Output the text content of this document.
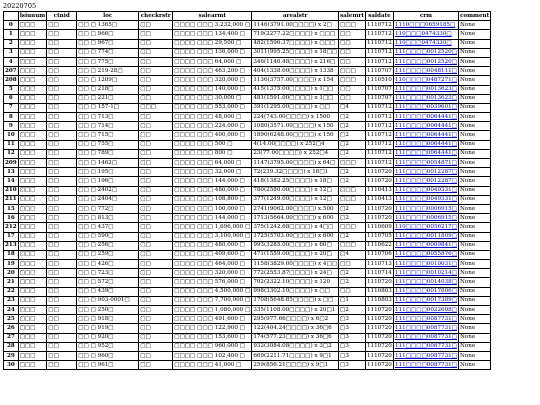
20220705
	lsiunum	ctnid	loc	checkrstr	salearmt	arealstr	salemrt	saldate	crm	comment
0	□□□	□□	□□ □ 1365□	□□	□□□□ □□□ 3,232,000 □	1146(3791.00□□□□) x 2□	□□□	1110712	1110□□□0659185□	None
1	□□□	□□	□□ □ 966□	□□	□□□□ □□□ 134,400 □	719(2277.22□□□□) x □□□	□□	1110712	110□□□0474330□	None
2	□□□	□□	□□ □ 967□	□□	□□□□ □□□ 29,500 □	482(1596.37□□□□) x □□□	□□	1110712	110□□□0474330□	None
3	□□□	□□	□□ □ 774□	□□	□□□□ □□□ 136,000 □	3011(995.25□□□□) x 18□□	□□	1110712	111□□□□0012520□	None
4	□□□	□□	□□ □ 775□	□□	□□□□ □□□ 64,000 □	346(1146.48□□□□) x 216□	□□	1110712	111□□□□0012520□	None
207	□□□	□□	□□ □ 219-28□	□□	□□□□ □□□ 463,200 □	404(1338.00□□□□) x 1338	□□□	1110707	111□□□□0048111□	None
208	□□□	□□	□□ □ 1209□	□□	□□□□ □□□ 320,000 □	1136(3757.00□□□□) x 154	□□□	1110510	110□□□□0487271□	None
5	□□□	□□	□□ □ 218□	□□	□□□□ □□□ 140,000 □	415(1375.00□□□□) x 1□□	□□	1110707	111□□□□0013623□	None
6	□□□	□□	□□ □ 221□	□□	□□□□ □□□ 30,000 □	481(1591.00□□□□) x 1□□	□□	1110707	111□□□□0013623□	None
7	□□□	□□	□□ □ 157-1□	□□□	□□□□ □□□ 553,000 □	391(1295.00□□□□) x □□	□4	1110712	111□□□□0039601□	None
8	□□□	□□	□□ □ 713□	□□	□□□□ □□□ 48,000 □	224(743.00□□□□) x 1500	□2	1110712	111□□□□0064441□	None
9	□□□	□□	□□ □ 714□	□□	□□□□ □□□ 224,000 □	1080(3571.00□□□□) x 150	□2	1110712	111□□□□0064441□	None
10	□□□	□□	□□ □ 715□	□□	□□□□ □□□ 400,000 □	1890(6248.00□□□□) x 150	□2	1110712	111□□□□0064441□	None
11	□□□	□□	□□ □ 755□	□□	□□□□ □□□ 500 □	4(14.00□□□□) x 252□4	□2	1110712	111□□□□0064441□	None
12	□□□	□□	□□ □ 789□	□□	□□□□ □□□ 800 □	23(77.00□□□□) x 252□4	□2	1110712	111□□□□0064441□	None
209	□□□	□□	□□ □ 1462□	□□	□□□□ □□□ 64,000 □	1147(3795.00□□□□) x 64□	□□□	1110712	111□□□□0054871□	None
13	□□□	□□	□□ □ 195□	□□	□□□□ □□□ 32,000 □	72(239.32□□□□) x 18□1	□2	1110720	111□□□□0012287□	None
14	□□□	□□	□□ □ 196□	□□	□□□□ □□□ 144,000 □	418(1382.25□□□□) x 18□	□2	1110720	111□□□□0012287□	None
210	□□□	□□	□□ □ 2402□	□□	□□□□ □□□ 480,000 □	780(2580.00□□□□) x 12□	□□□	1110413	111□□□□0049331□	None
211	□□□	□□	□□ □ 2404□	□□	□□□□ □□□ 108,800 □	377(1249.00□□□□) x 12□	□□□	1110413	111□□□□0049331□	None
15	□□□	□□	□□ □ 772□	□□	□□□□ □□□ 100,000 □	2741(9062.00□□□□) x 500	□2	1110720	111□□□□0006915□	None
16	□□□	□□	□□ □ 813□	□□	□□□□ □□□ 144,000 □	1713(5664.00□□□□) x 600	□2	1110720	111□□□□0006915□	None
212	□□□	□□	□□ □ 437□	□□	□□□□ □□□ 1,696,000 □	375(1242.68□□□□) x 4□□	□□□	1110609	110□□□□0056217□	None
17	□□□	□□	□□ □ 590□	□□	□□□□ □□□ 3,100,000 □	1725(5703.00□□□□) x 600	□2	1110705	111□□□□0011809□	None
213	□□□	□□	□□ □ 256□	□□	□□□□ □□□ 480,000 □	993(3285.00□□□□) x 60□	□□□	1110622	111□□□□0009841□	None
18	□□□	□□	□□ □ 259□	□□	□□□□ □□□ 409,600 □	471(1559.00□□□□) x 20□	□4	1110706	111□□□□0055876□	None
19	□□□	□□	□□ □ 426□	□□	□□□□ □□□ 464,000 □	1158(3829.00□□□□) x 4□□	□□	1110713	111□□□□0010031□	None
20	□□□	□□	□□ □ 723□	□□	□□□□ □□□ 320,000 □	772(2553.87□□□□) x 24□	□2	1110714	111□□□□0010214□	None
21	□□□	□□	□□ □ 572□	□□	□□□□ □□□ 576,000 □	702(2322.10□□□□) x 120	□2	1110720	111□□□□0014038□	None
22	□□□	□□	□□ □ 439□	□□	□□□□ □□□ 4,500,000 □	998(3302.10□□□□) x □□	□□	1110803	111□□□□0017806□	None
23	□□□	□□	□□ □ 903-0001□	□□	□□□□ □□□ 7,700,000 □	1708(5648.85□□□□) x □□	□1	1110803	111□□□□0017389□	None
24	□□□	□□	□□ □ 250□	□□	□□□□ □□□ 1,080,000 □	335(1108.00□□□□) x 20□1	□2	1110720	111□□□□0022608□	None
25	□□□	□□	□□ □ 918□	□□	□□□□ □□□ 491,600 □	295(977.66□□□□) x 6□2	□3	1110720	111□□□□0087731□	None
26	□□□	□□	□□ □ 919□	□□	□□□□ □□□ 122,900 □	122(404.24□□□□) x 36□6	□3	1110720	111□□□□0087731□	None
27	□□□	□□	□□ □ 920□	□□	□□□□ □□□ 153,600 □	174(577.23□□□□) x 36□6	□3	1110720	111□□□□0087731□	None
28	□□□	□□	□□ □ 952□	□□	□□□□ □□□ 960,000 □	932(3084.08□□□□) x 3□2	□3	1110720	111□□□□0087731□	None
29	□□□	□□	□□ □ 960□	□□	□□□□ □□□ 102,400 □	669(2211.71□□□□) x 9□1	□3	1110720	111□□□□0087731□	None
30	□□□	□□	□□ □ 961□	□□	□□□□ □□□ 41,000 □	259(856.21□□□□) x 9□1	□3	1110720	111□□□□0087731□	None
